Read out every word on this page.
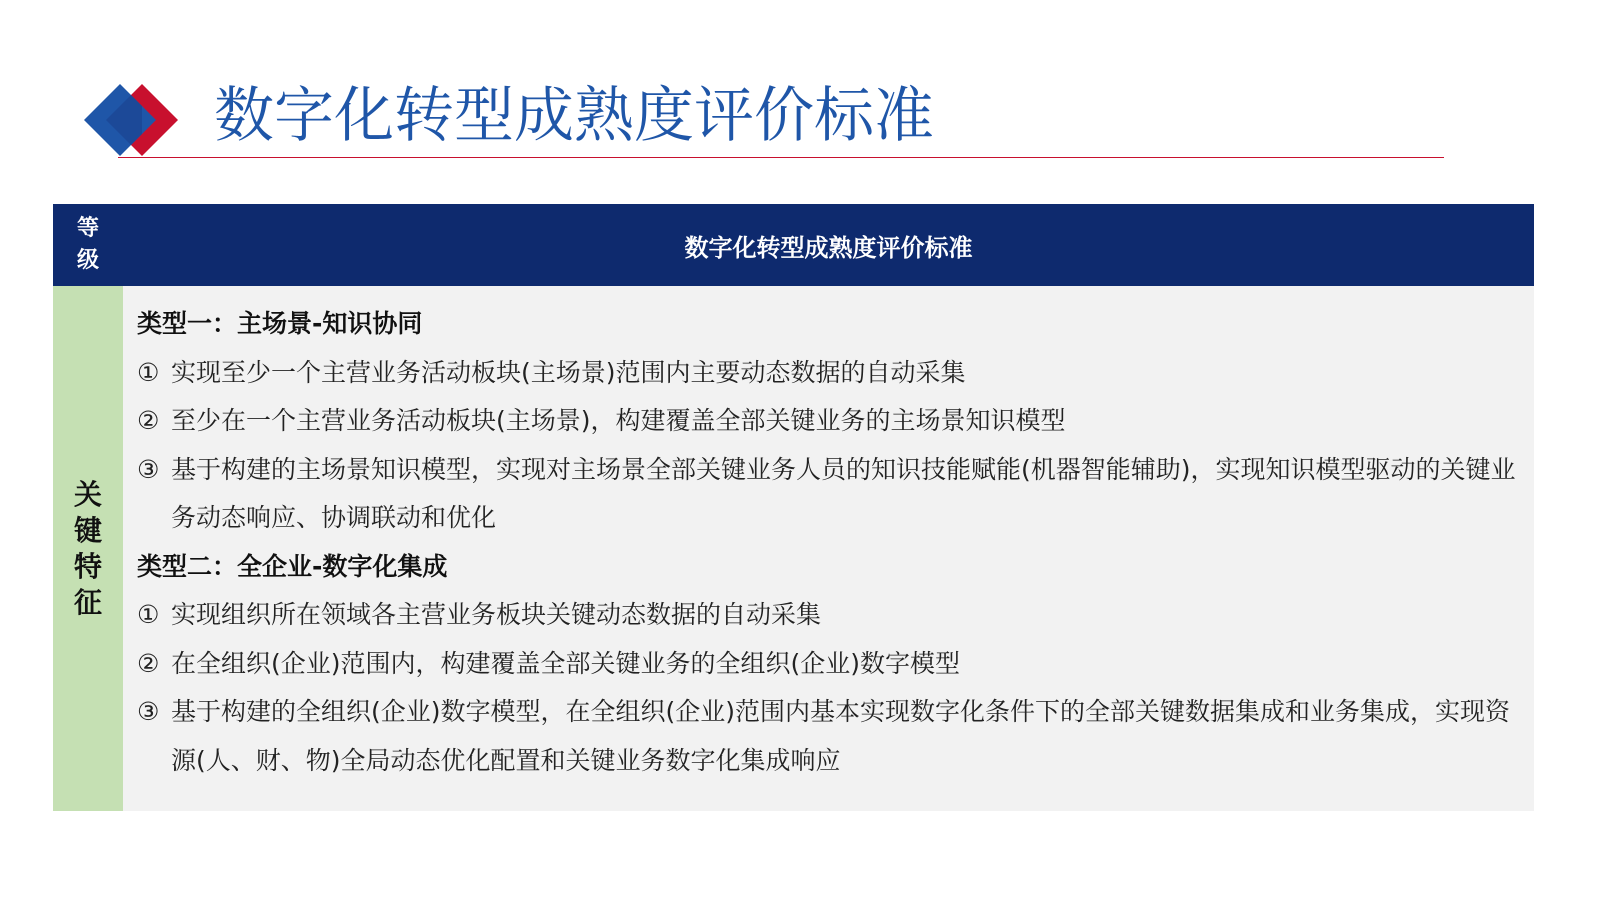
数字化转型成熟度评价标准
等级	数字化转型成熟度评价标准
关键特征
类型一：主场景-知识协同
① 实现至少一个主营业务活动板块(主场景)范围内主要动态数据的自动采集
② 至少在一个主营业务活动板块(主场景)，构建覆盖全部关键业务的主场景知识模型
③ 基于构建的主场景知识模型，实现对主场景全部关键业务人员的知识技能赋能(机器智能辅助)，实现知识模型驱动的关键业务动态响应、协调联动和优化
类型二：全企业-数字化集成
① 实现组织所在领域各主营业务板块关键动态数据的自动采集
② 在全组织(企业)范围内，构建覆盖全部关键业务的全组织(企业)数字模型
③ 基于构建的全组织(企业)数字模型，在全组织(企业)范围内基本实现数字化条件下的全部关键数据集成和业务集成，实现资源(人、财、物)全局动态优化配置和关键业务数字化集成响应
